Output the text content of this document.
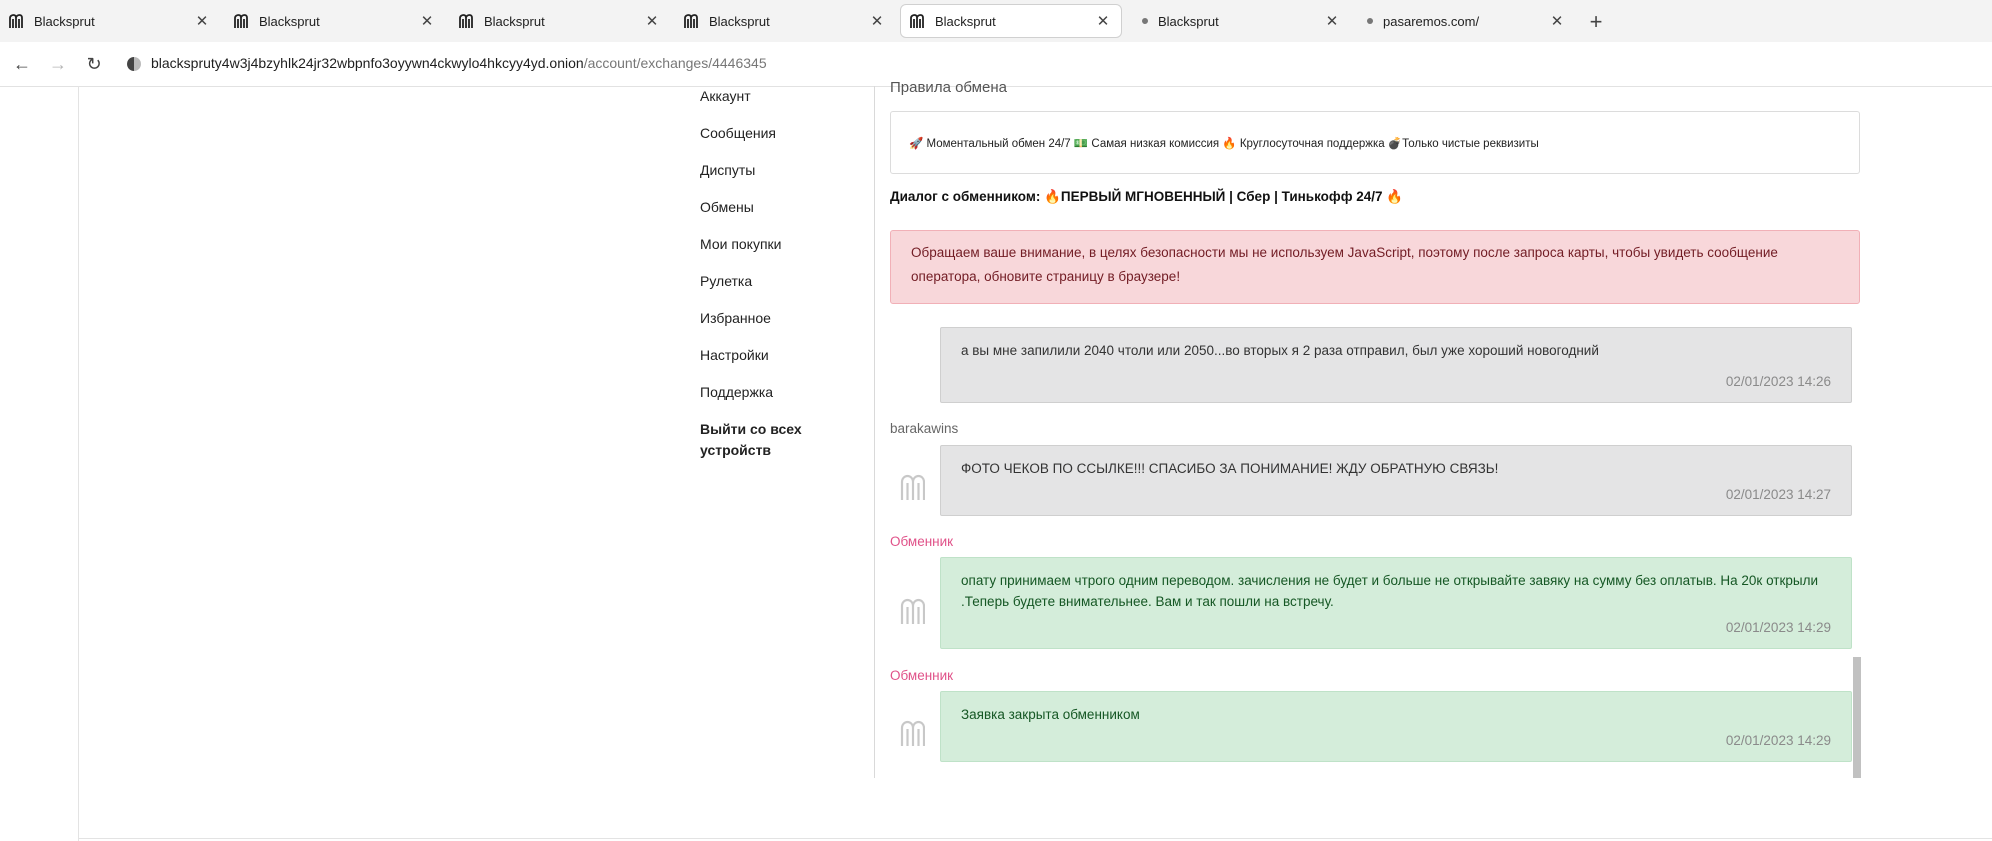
Blacksprut	✕	Blacksprut	✕	Blacksprut	✕	Blacksprut	✕	Blacksprut	✕	Blacksprut	✕	pasaremos.com/	✕ +
← → ↻	blacksprutу4w3j4bzyhlk24jr32wbpnfo3oyywn4ckwylo4hkcyy4yd.onion/account/exchanges/4446345
Аккаунт
Сообщения
Диспуты
Обмены
Мои покупки
Рулетка
Избранное
Настройки
Поддержка
Выйти со всех устройств
Правила обмена
🚀 Моментальный обмен 24/7 💵 Самая низкая комиссия 🔥 Круглосуточная поддержка 💣Только чистые реквизиты
Диалог с обменником: 🔥ПЕРВЫЙ МГНОВЕННЫЙ | Сбер | Тинькофф 24/7 🔥
Обращаем ваше внимание, в целях безопасности мы не используем JavaScript, поэтому после запроса карты, чтобы увидеть сообщение оператора, обновите страницу в браузере!
а вы мне запилили 2040 чтоли или 2050...во вторых я 2 раза отправил, был уже хороший новогодний
02/01/2023 14:26
barakawins
ФОТО ЧЕКОВ ПО ССЫЛКЕ!!! СПАСИБО ЗА ПОНИМАНИЕ! ЖДУ ОБРАТНУЮ СВЯЗЬ!
02/01/2023 14:27
Обменник
опату принимаем чтрого одним переводом. зачисления не будет и больше не открывайте завяку на сумму без оплатыв. На 20к открыли .Теперь будете внимательнее. Вам и так пошли на встречу.
02/01/2023 14:29
Обменник
Заявка закрыта обменником
02/01/2023 14:29
